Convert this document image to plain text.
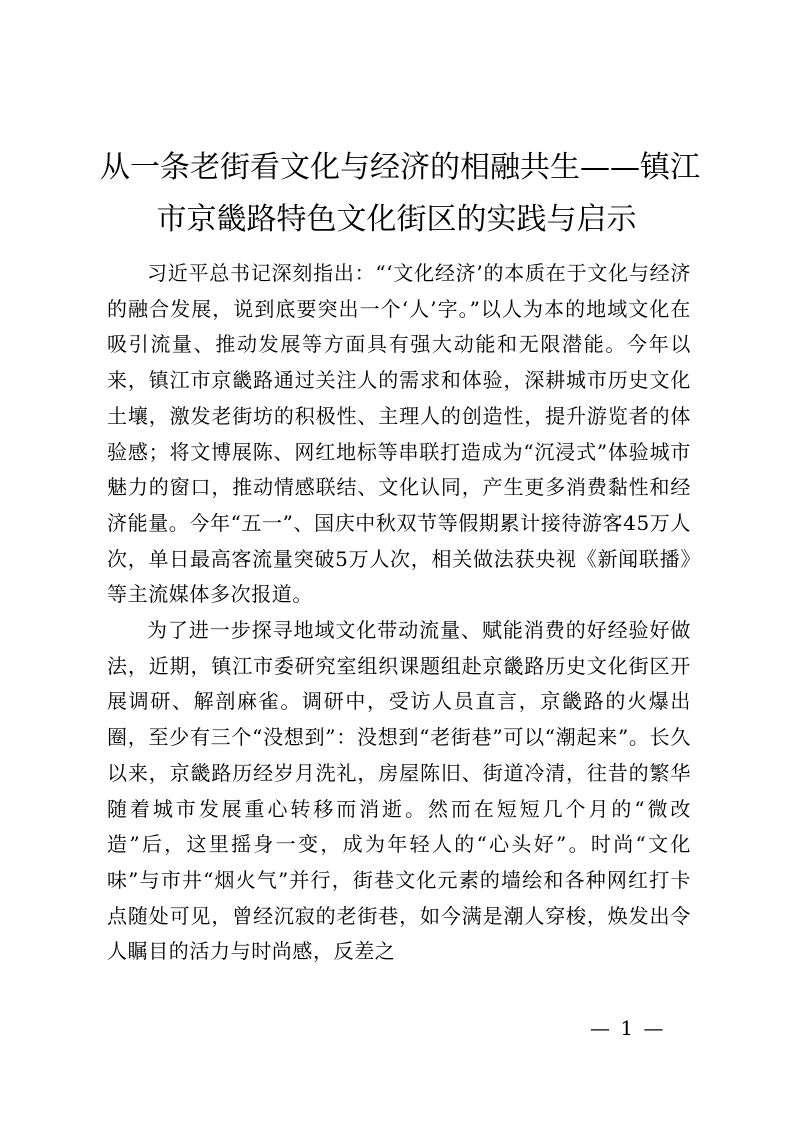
从一条老街看文化与经济的相融共生——镇江
市京畿路特色文化街区的实践与启示

习近平总书记深刻指出：“‘文化经济’的本质在于文化与经济的融合发展，说到底要突出一个‘人’字。”以人为本的地域文化在吸引流量、推动发展等方面具有强大动能和无限潜能。今年以来，镇江市京畿路通过关注人的需求和体验，深耕城市历史文化土壤，激发老街坊的积极性、主理人的创造性，提升游览者的体验感；将文博展陈、网红地标等串联打造成为“沉浸式”体验城市魅力的窗口，推动情感联结、文化认同，产生更多消费黏性和经济能量。今年“五一”、国庆中秋双节等假期累计接待游客45万人次，单日最高客流量突破5万人次，相关做法获央视《新闻联播》等主流媒体多次报道。

为了进一步探寻地域文化带动流量、赋能消费的好经验好做法，近期，镇江市委研究室组织课题组赴京畿路历史文化街区开展调研、解剖麻雀。调研中，受访人员直言，京畿路的火爆出圈，至少有三个“没想到”：没想到“老街巷”可以“潮起来”。长久以来，京畿路历经岁月洗礼，房屋陈旧、街道冷清，往昔的繁华随着城市发展重心转移而消逝。然而在短短几个月的“微改造”后，这里摇身一变，成为年轻人的“心头好”。时尚“文化味”与市井“烟火气”并行，街巷文化元素的墙绘和各种网红打卡点随处可见，曾经沉寂的老街巷，如今满是潮人穿梭，焕发出令人瞩目的活力与时尚感，反差之

— 1 —
